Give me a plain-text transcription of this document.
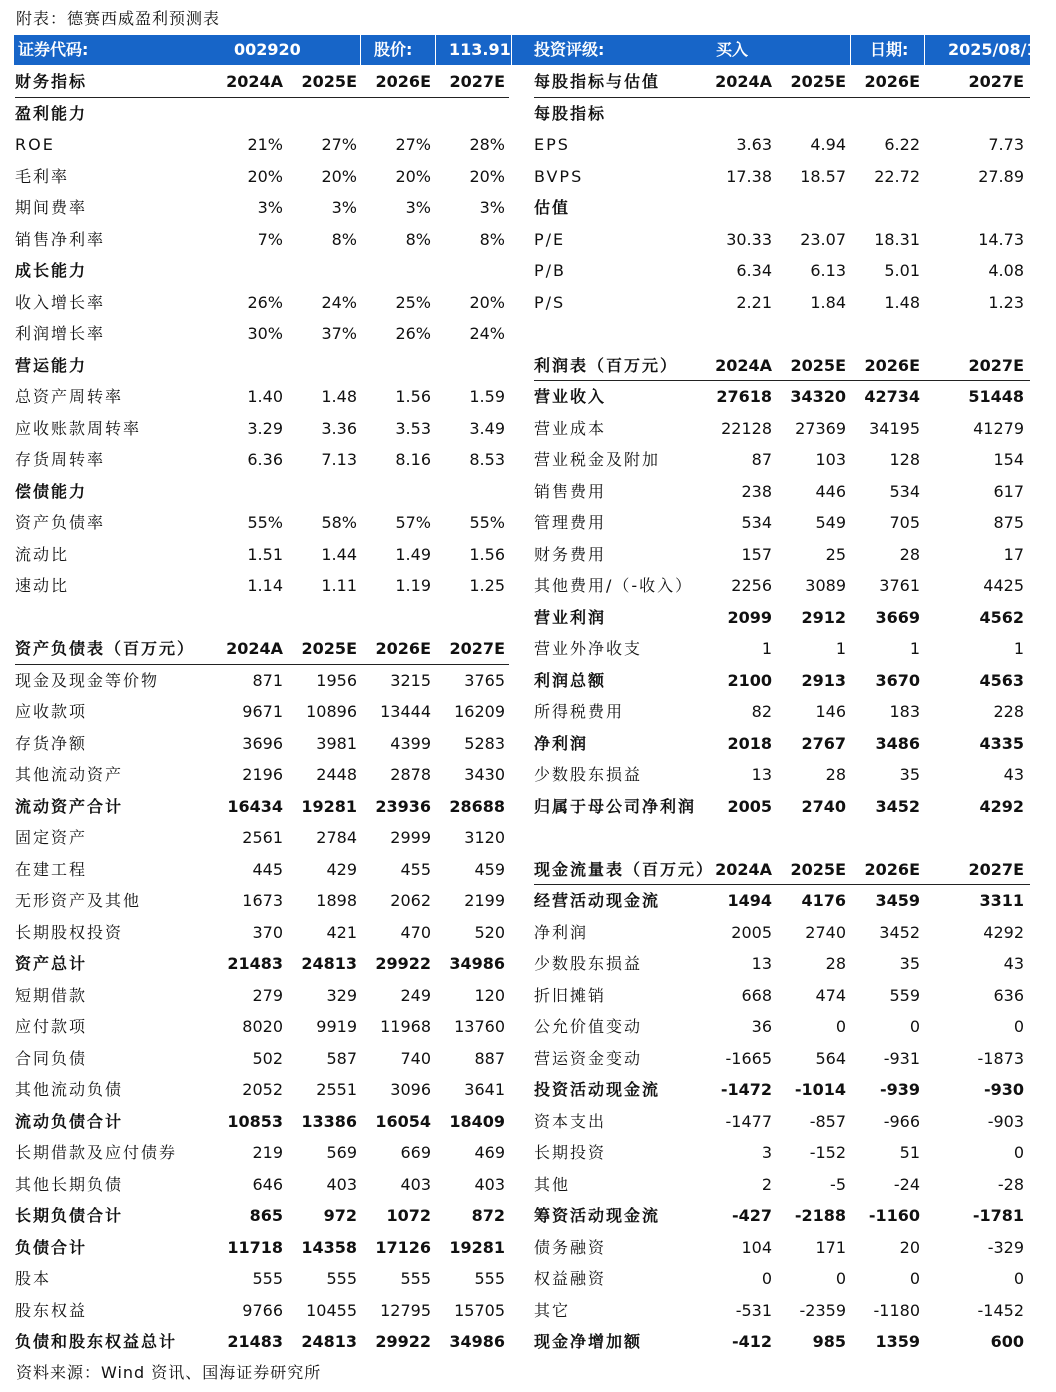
附表：德赛西威盈利预测表
证券代码:	002920	股价: 113.91 投资评级:	买入	日期: 2025/08/12
财务指标	2024A	2025E	2026E	2027E
盈利能力
ROE	21%	27%	27%	28%
毛利率	20%	20%	20%	20%
期间费率	3%	3%	3%	3%
销售净利率	7%	8%	8%	8%
成长能力
收入增长率	26%	24%	25%	20%
利润增长率	30%	37%	26%	24%
营运能力
总资产周转率	1.40	1.48	1.56	1.59
应收账款周转率	3.29	3.36	3.53	3.49
存货周转率	6.36	7.13	8.16	8.53
偿债能力
资产负债率	55%	58%	57%	55%
流动比	1.51	1.44	1.49	1.56
速动比	1.14	1.11	1.19	1.25
资产负债表（百万元）	2024A	2025E	2026E	2027E
现金及现金等价物	871	1956	3215	3765
应收款项	9671	10896	13444	16209
存货净额	3696	3981	4399	5283
其他流动资产	2196	2448	2878	3430
流动资产合计	16434	19281	23936	28688
固定资产	2561	2784	2999	3120
在建工程	445	429	455	459
无形资产及其他	1673	1898	2062	2199
长期股权投资	370	421	470	520
资产总计	21483	24813	29922	34986
短期借款	279	329	249	120
应付款项	8020	9919	11968	13760
合同负债	502	587	740	887
其他流动负债	2052	2551	3096	3641
流动负债合计	10853	13386	16054	18409
长期借款及应付债券	219	569	669	469
其他长期负债	646	403	403	403
长期负债合计	865	972	1072	872
负债合计	11718	14358	17126	19281
股本	555	555	555	555
股东权益	9766	10455	12795	15705
负债和股东权益总计	21483	24813	29922	34986
每股指标与估值	2024A	2025E	2026E	2027E
每股指标
EPS	3.63	4.94	6.22	7.73
BVPS	17.38	18.57	22.72	27.89
估值
P/E	30.33	23.07	18.31	14.73
P/B	6.34	6.13	5.01	4.08
P/S	2.21	1.84	1.48	1.23
利润表（百万元）	2024A	2025E	2026E	2027E
营业收入	27618	34320	42734	51448
营业成本	22128	27369	34195	41279
营业税金及附加	87	103	128	154
销售费用	238	446	534	617
管理费用	534	549	705	875
财务费用	157	25	28	17
其他费用/（-收入）	2256	3089	3761	4425
营业利润	2099	2912	3669	4562
营业外净收支	1	1	1	1
利润总额	2100	2913	3670	4563
所得税费用	82	146	183	228
净利润	2018	2767	3486	4335
少数股东损益	13	28	35	43
归属于母公司净利润	2005	2740	3452	4292
现金流量表（百万元） 2024A	2025E	2026E	2027E
经营活动现金流	1494	4176	3459	3311
净利润	2005	2740	3452	4292
少数股东损益	13	28	35	43
折旧摊销	668	474	559	636
公允价值变动	36	0	0	0
营运资金变动	-1665	564	-931	-1873
投资活动现金流	-1472	-1014	-939	-930
资本支出	-1477	-857	-966	-903
长期投资	3	-152	51	0
其他	2	-5	-24	-28
筹资活动现金流	-427	-2188	-1160	-1781
债务融资	104	171	20	-329
权益融资	0	0	0	0
其它	-531	-2359	-1180	-1452
现金净增加额	-412	985	1359	600
资料来源：Wind 资讯、国海证券研究所
